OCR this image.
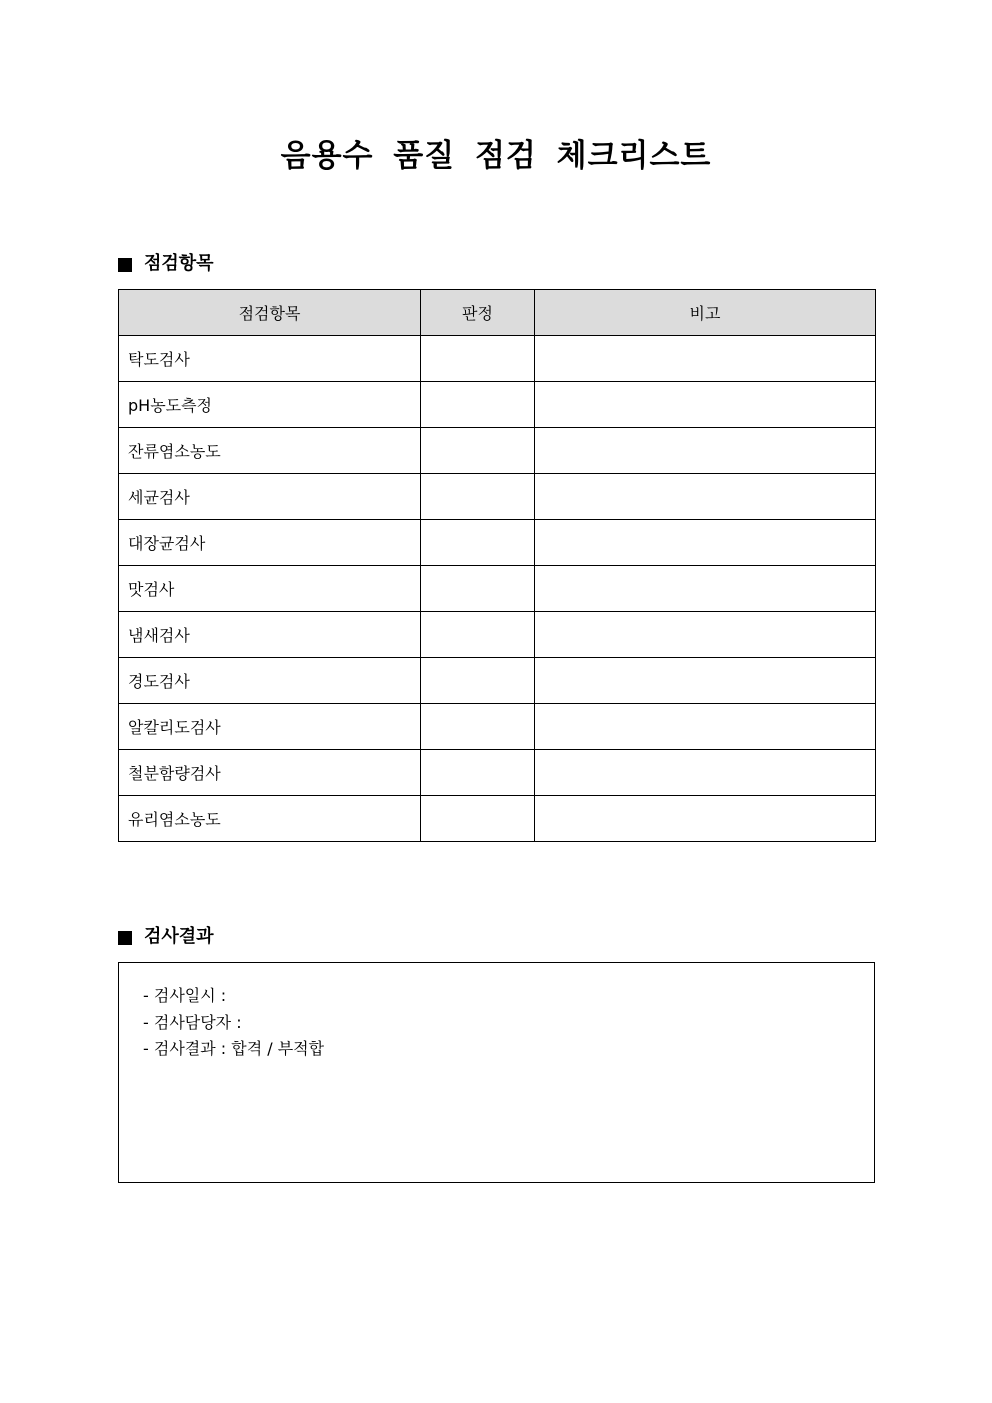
음용수 품질 점검 체크리스트
점검항목
점검항목	판정	비고
탁도검사		
pH농도측정		
잔류염소농도		
세균검사		
대장균검사		
맛검사		
냄새검사		
경도검사		
알칼리도검사		
철분함량검사		
유리염소농도		
검사결과
- 검사일시 :
- 검사담당자 :
- 검사결과 : 합격 / 부적합
